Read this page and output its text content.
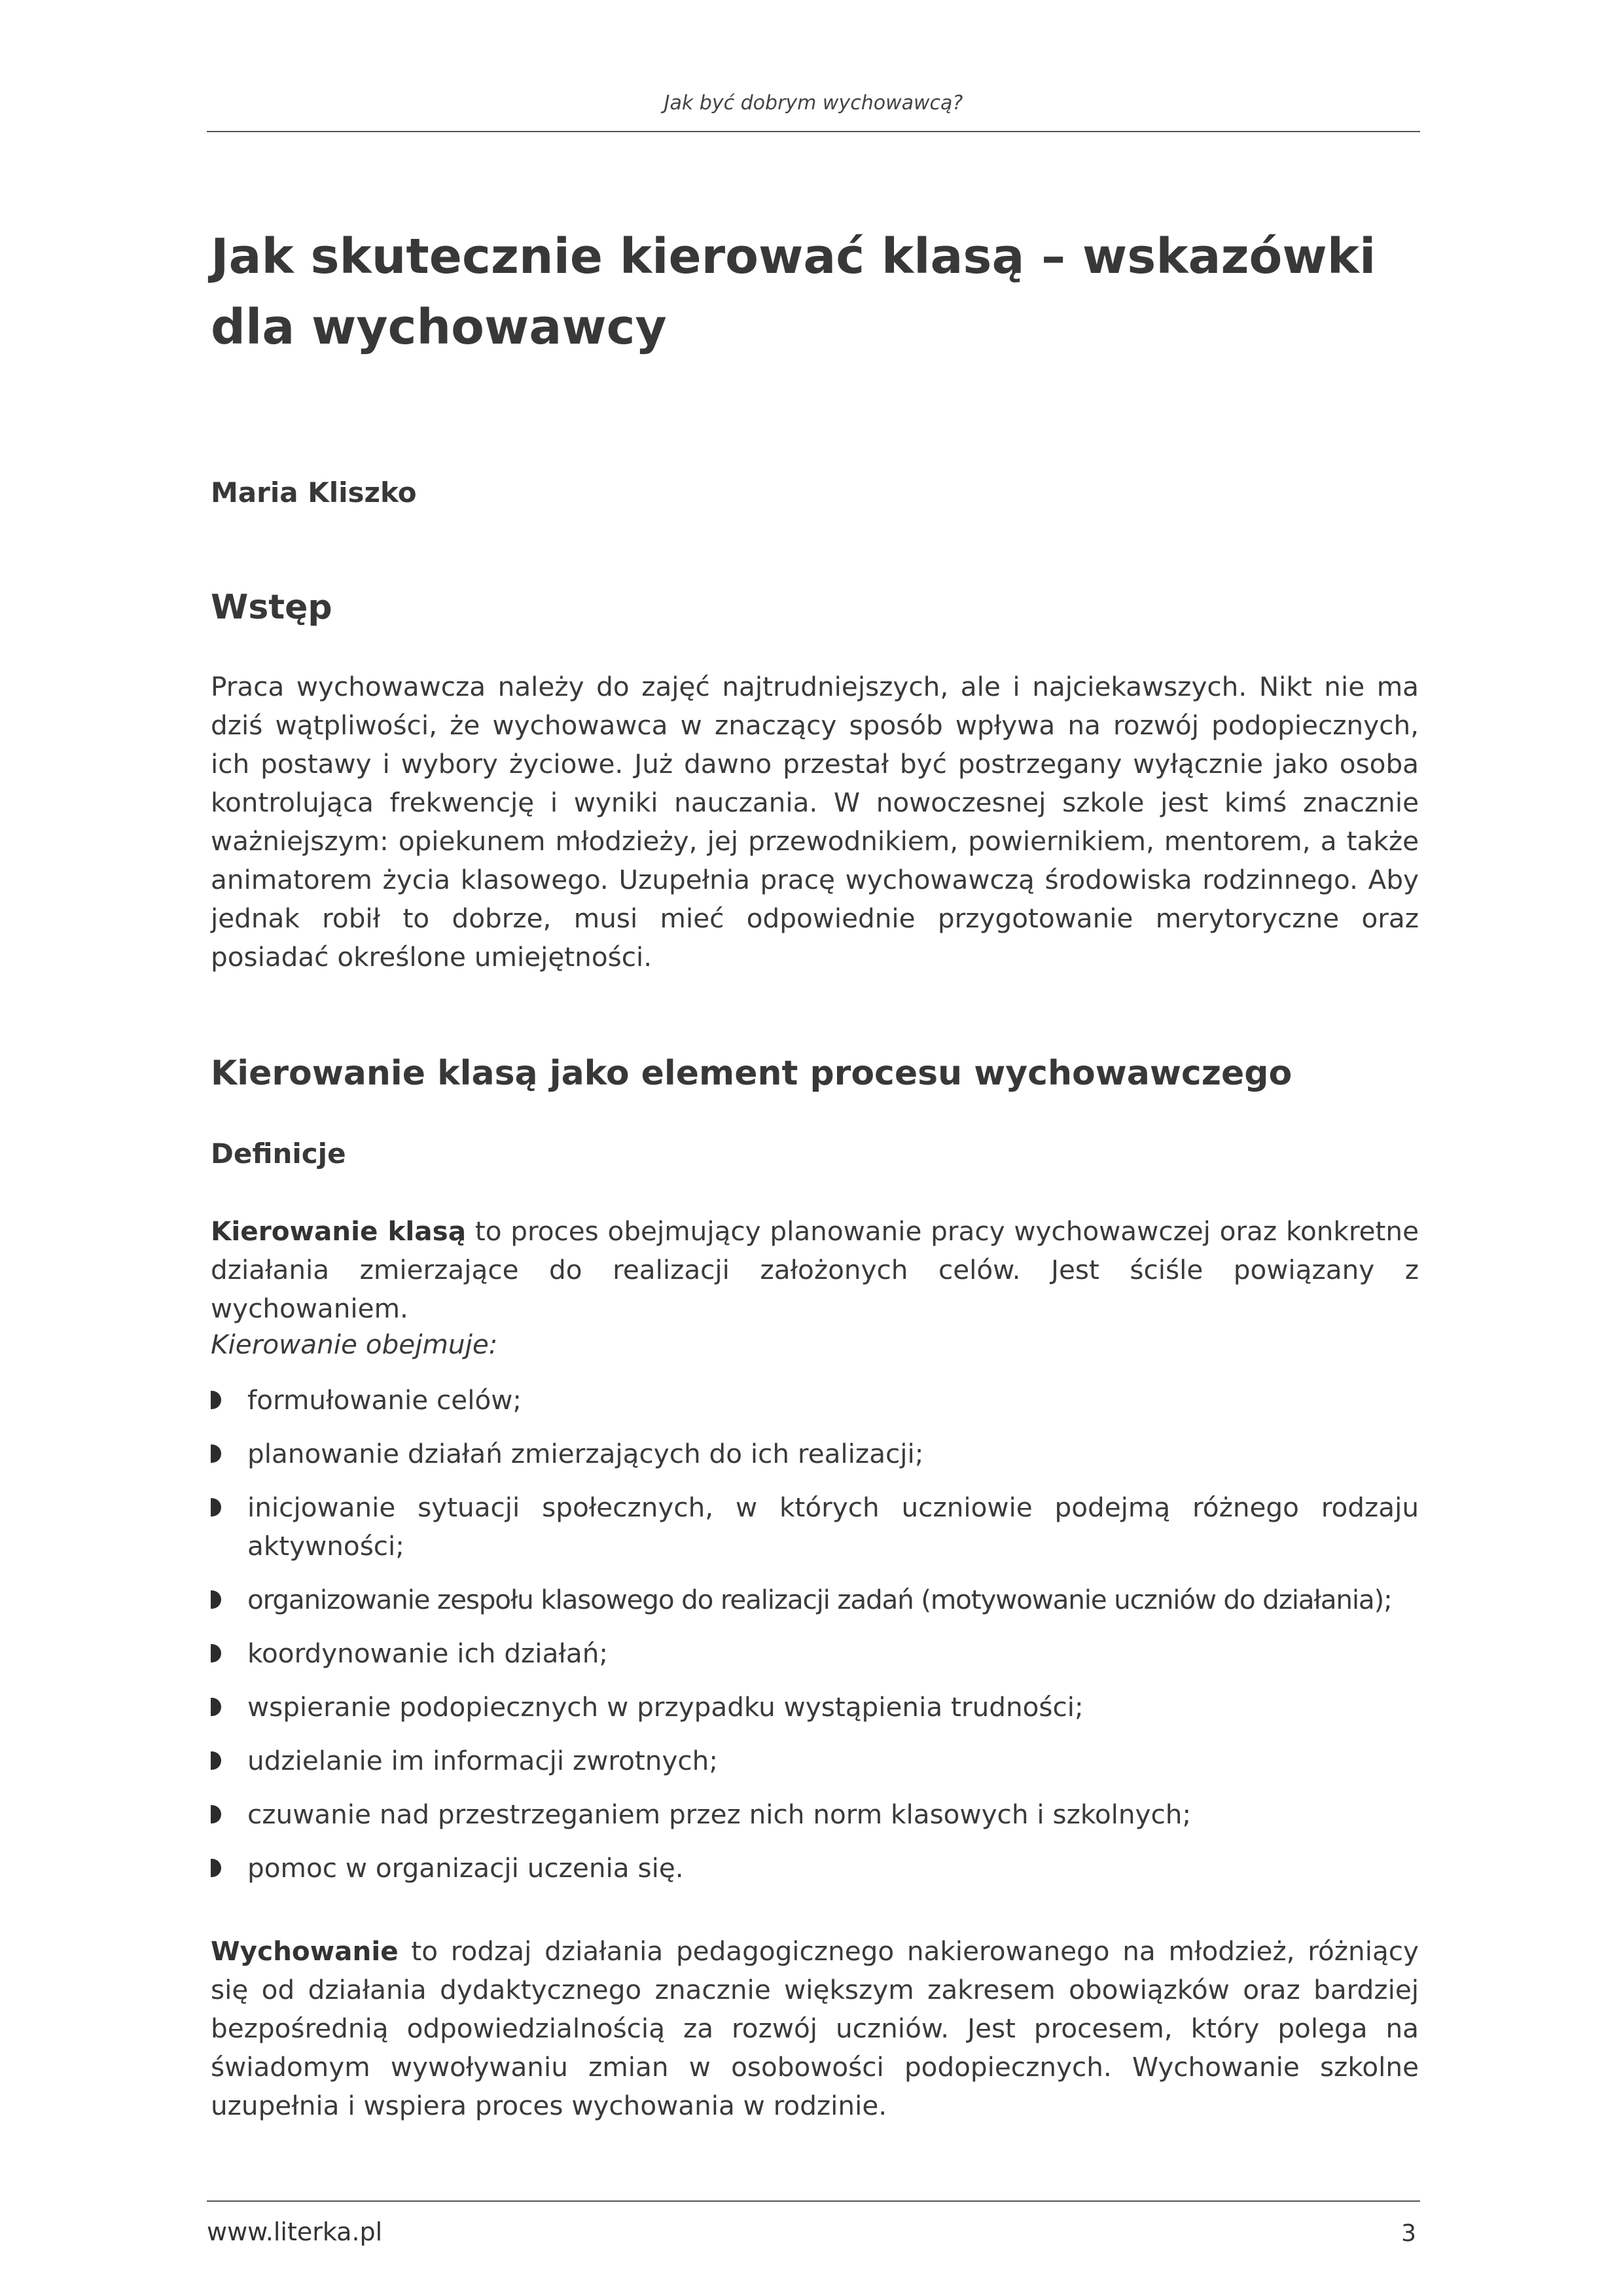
Jak być dobrym wychowawcą?
Jak skutecznie kierować klasą – wskazówki dla wychowawcy
Maria Kliszko
Wstęp

Praca wychowawcza należy do zajęć najtrudniejszych, ale i najciekawszych. Nikt nie ma dziś wątpliwości, że wychowawca w znaczący sposób wpływa na rozwój podopiecznych, ich postawy i wybory życiowe. Już dawno przestał być postrzegany wyłącznie jako osoba kontrolująca frekwencję i wyniki nauczania. W nowoczesnej szkole jest kimś znacznie ważniejszym: opiekunem młodzieży, jej przewodnikiem, powiernikiem, mentorem, a także animatorem życia klasowego. Uzupełnia pracę wychowawczą środowiska rodzinnego. Aby jednak robił to dobrze, musi mieć odpowiednie przygotowanie merytoryczne oraz posiadać określone umiejętności.

Kierowanie klasą jako element procesu wychowawczego
Definicje

Kierowanie klasą to proces obejmujący planowanie pracy wychowawczej oraz konkretne działania zmierzające do realizacji założonych celów. Jest ściśle powiązany z wychowaniem.

Kierowanie obejmuje:
formułowanie celów;
planowanie działań zmierzających do ich realizacji;
inicjowanie sytuacji społecznych, w których uczniowie podejmą różnego rodzaju aktywności;
organizowanie zespołu klasowego do realizacji zadań (motywowanie uczniów do działania);
koordynowanie ich działań;
wspieranie podopiecznych w przypadku wystąpienia trudności;
udzielanie im informacji zwrotnych;
czuwanie nad przestrzeganiem przez nich norm klasowych i szkolnych;
pomoc w organizacji uczenia się.

Wychowanie to rodzaj działania pedagogicznego nakierowanego na młodzież, różniący się od działania dydaktycznego znacznie większym zakresem obowiązków oraz bardziej bezpośrednią odpowiedzialnością za rozwój uczniów. Jest procesem, który polega na świadomym wywoływaniu zmian w osobowości podopiecznych. Wychowanie szkolne uzupełnia i wspiera proces wychowania w rodzinie.

www.literka.pl	3
